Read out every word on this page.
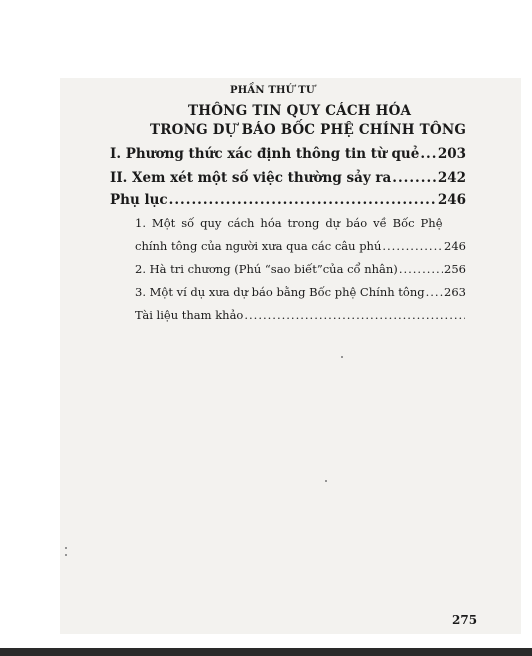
PHẦN THỨ TƯ
THÔNG TIN QUY CÁCH HÓA
TRONG DỰ BÁO BỐC PHỆ CHÍNH TÔNG
I. Phương thức xác định thông tin từ quẻ ..... 203
II. Xem xét một số việc thường sảy ra .....	242
Phụ lục .....	246
1. Một số quy cách hóa trong dự báo về Bốc Phệ
chính tông của người xưa qua các câu phú .....	246
2. Hà tri chương (Phú “sao biết”của cổ nhân) .....	256
3. Một ví dụ xưa dự báo bằng Bốc phệ Chính tông ..... 263
Tài liệu tham khảo
.....
275
